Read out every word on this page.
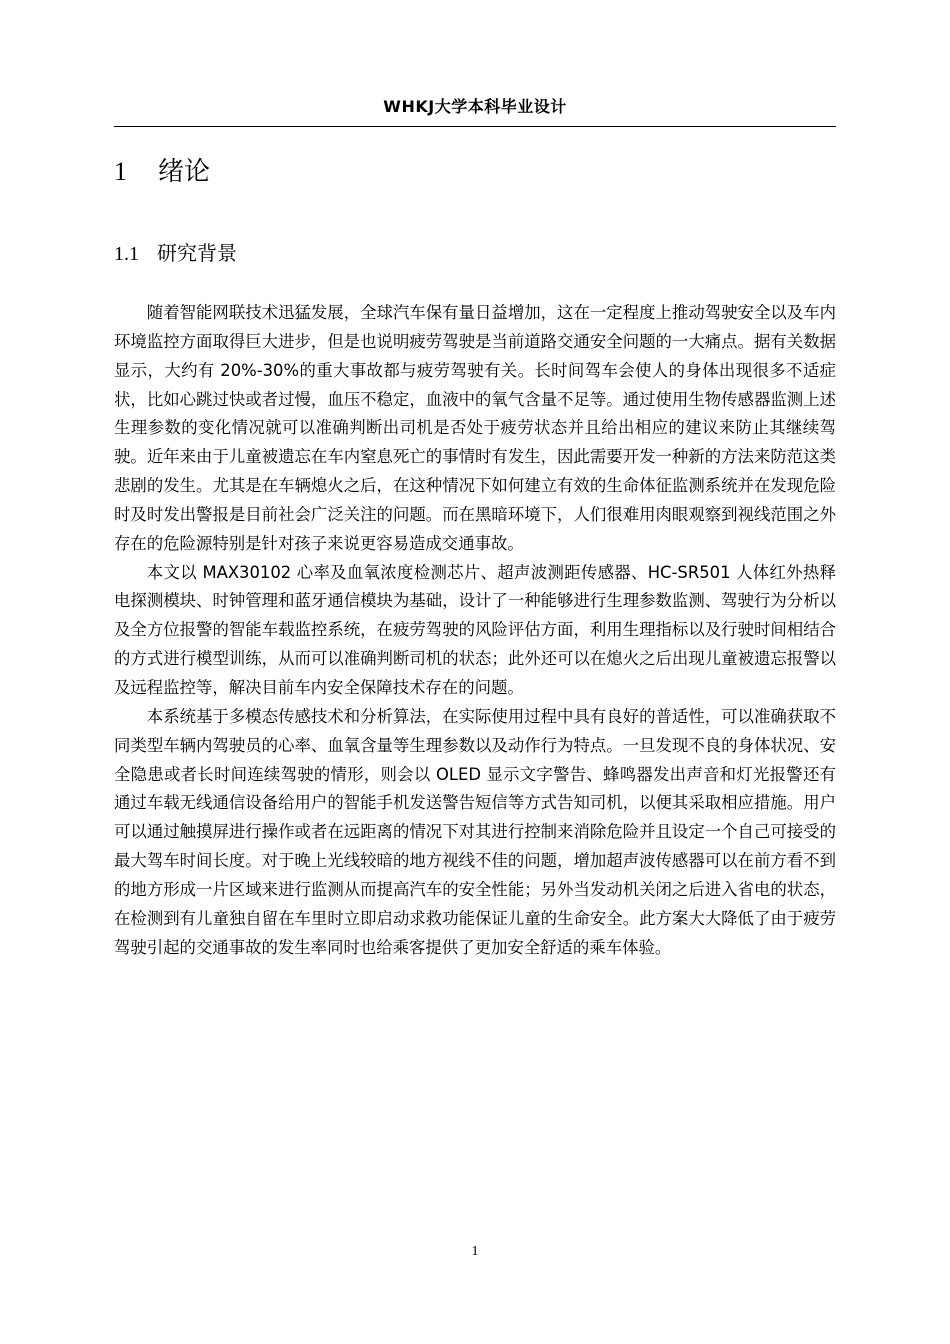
WHKJ大学本科毕业设计
1 绪论
1.1 研究背景

随着智能网联技术迅猛发展，全球汽车保有量日益增加，这在一定程度上推动驾驶安全以及车内环境监控方面取得巨大进步，但是也说明疲劳驾驶是当前道路交通安全问题的一大痛点。据有关数据显示，大约有 20%-30%的重大事故都与疲劳驾驶有关。长时间驾车会使人的身体出现很多不适症状，比如心跳过快或者过慢，血压不稳定，血液中的氧气含量不足等。通过使用生物传感器监测上述生理参数的变化情况就可以准确判断出司机是否处于疲劳状态并且给出相应的建议来防止其继续驾驶。近年来由于儿童被遗忘在车内窒息死亡的事情时有发生，因此需要开发一种新的方法来防范这类悲剧的发生。尤其是在车辆熄火之后，在这种情况下如何建立有效的生命体征监测系统并在发现危险时及时发出警报是目前社会广泛关注的问题。而在黑暗环境下，人们很难用肉眼观察到视线范围之外存在的危险源特别是针对孩子来说更容易造成交通事故。

本文以 MAX30102 心率及血氧浓度检测芯片、超声波测距传感器、HC-SR501 人体红外热释电探测模块、时钟管理和蓝牙通信模块为基础，设计了一种能够进行生理参数监测、驾驶行为分析以及全方位报警的智能车载监控系统，在疲劳驾驶的风险评估方面，利用生理指标以及行驶时间相结合的方式进行模型训练，从而可以准确判断司机的状态；此外还可以在熄火之后出现儿童被遗忘报警以及远程监控等，解决目前车内安全保障技术存在的问题。

本系统基于多模态传感技术和分析算法，在实际使用过程中具有良好的普适性，可以准确获取不同类型车辆内驾驶员的心率、血氧含量等生理参数以及动作行为特点。一旦发现不良的身体状况、安全隐患或者长时间连续驾驶的情形，则会以 OLED 显示文字警告、蜂鸣器发出声音和灯光报警还有通过车载无线通信设备给用户的智能手机发送警告短信等方式告知司机，以便其采取相应措施。用户可以通过触摸屏进行操作或者在远距离的情况下对其进行控制来消除危险并且设定一个自己可接受的最大驾车时间长度。对于晚上光线较暗的地方视线不佳的问题，增加超声波传感器可以在前方看不到的地方形成一片区域来进行监测从而提高汽车的安全性能；另外当发动机关闭之后进入省电的状态，在检测到有儿童独自留在车里时立即启动求救功能保证儿童的生命安全。此方案大大降低了由于疲劳驾驶引起的交通事故的发生率同时也给乘客提供了更加安全舒适的乘车体验。

1
